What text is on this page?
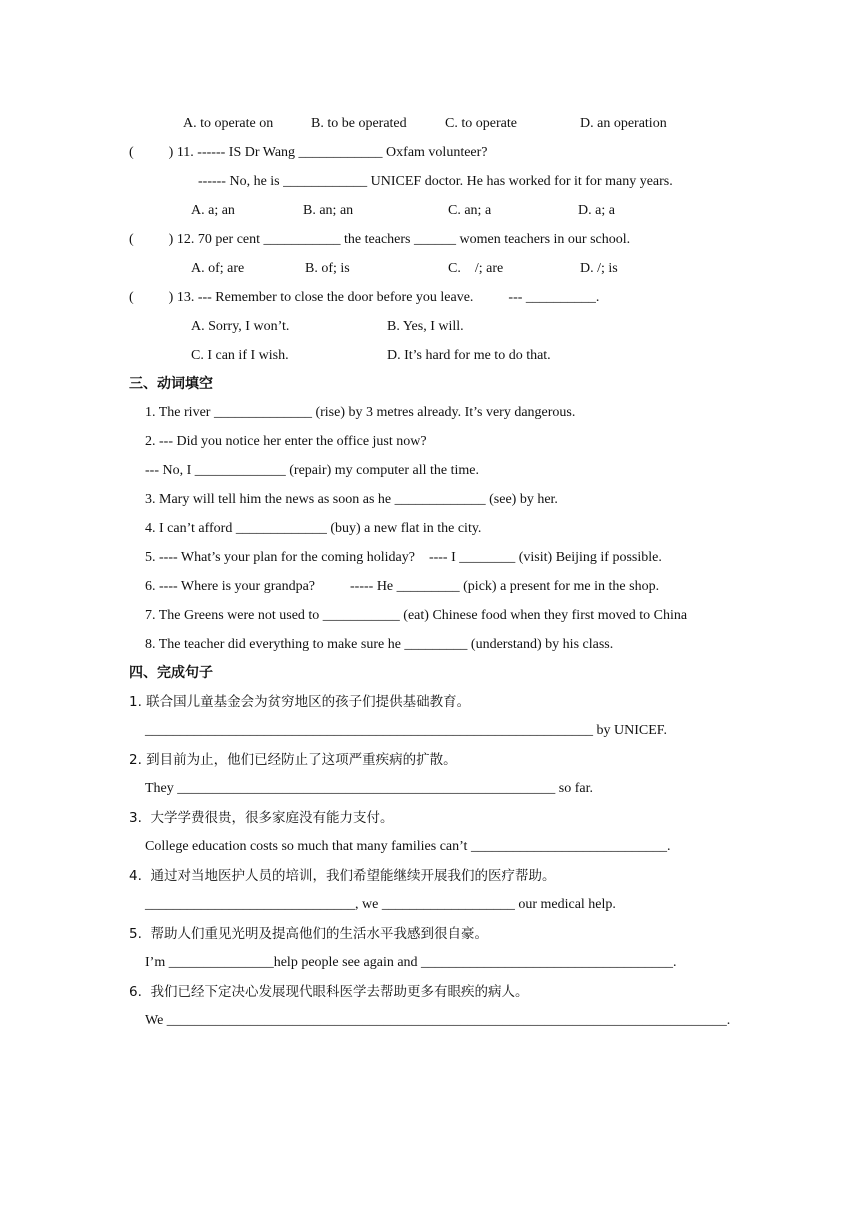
A. to operate on	B. to be operated	C. to operate	D. an operation
(          ) 11. ------ IS Dr Wang ____________ Oxfam volunteer?
------ No, he is ____________ UNICEF doctor. He has worked for it for many years.
A. a; an	B. an; an	C. an; a	D. a; a
(          ) 12. 70 per cent ___________ the teachers ______ women teachers in our school.
A. of; are	B. of; is	C.    /; are	D. /; is
(          ) 13. --- Remember to close the door before you leave.          --- __________.
A. Sorry, I won’t.	B. Yes, I will.
C. I can if I wish.	D. It’s hard for me to do that.
三、动词填空
1. The river ______________ (rise) by 3 metres already. It’s very dangerous.
2. --- Did you notice her enter the office just now?
--- No, I _____________ (repair) my computer all the time.
3. Mary will tell him the news as soon as he _____________ (see) by her.
4. I can’t afford _____________ (buy) a new flat in the city.
5. ---- What’s your plan for the coming holiday?    ---- I ________ (visit) Beijing if possible.
6. ---- Where is your grandpa?          ----- He _________ (pick) a present for me in the shop.
7. The Greens were not used to ___________ (eat) Chinese food when they first moved to China
8. The teacher did everything to make sure he _________ (understand) by his class.
四、完成句子
1. 联合国儿童基金会为贫穷地区的孩子们提供基础教育。
________________________________________________________________ by UNICEF.
2. 到目前为止，他们已经防止了这项严重疾病的扩散。
They ______________________________________________________ so far.
3.  大学学费很贵，很多家庭没有能力支付。
College education costs so much that many families can’t ____________________________.
4.  通过对当地医护人员的培训，我们希望能继续开展我们的医疗帮助。
______________________________, we ___________________ our medical help.
5.  帮助人们重见光明及提高他们的生活水平我感到很自豪。
I’m _______________help people see again and ____________________________________.
6.  我们已经下定决心发展现代眼科医学去帮助更多有眼疾的病人。
We ________________________________________________________________________________.
